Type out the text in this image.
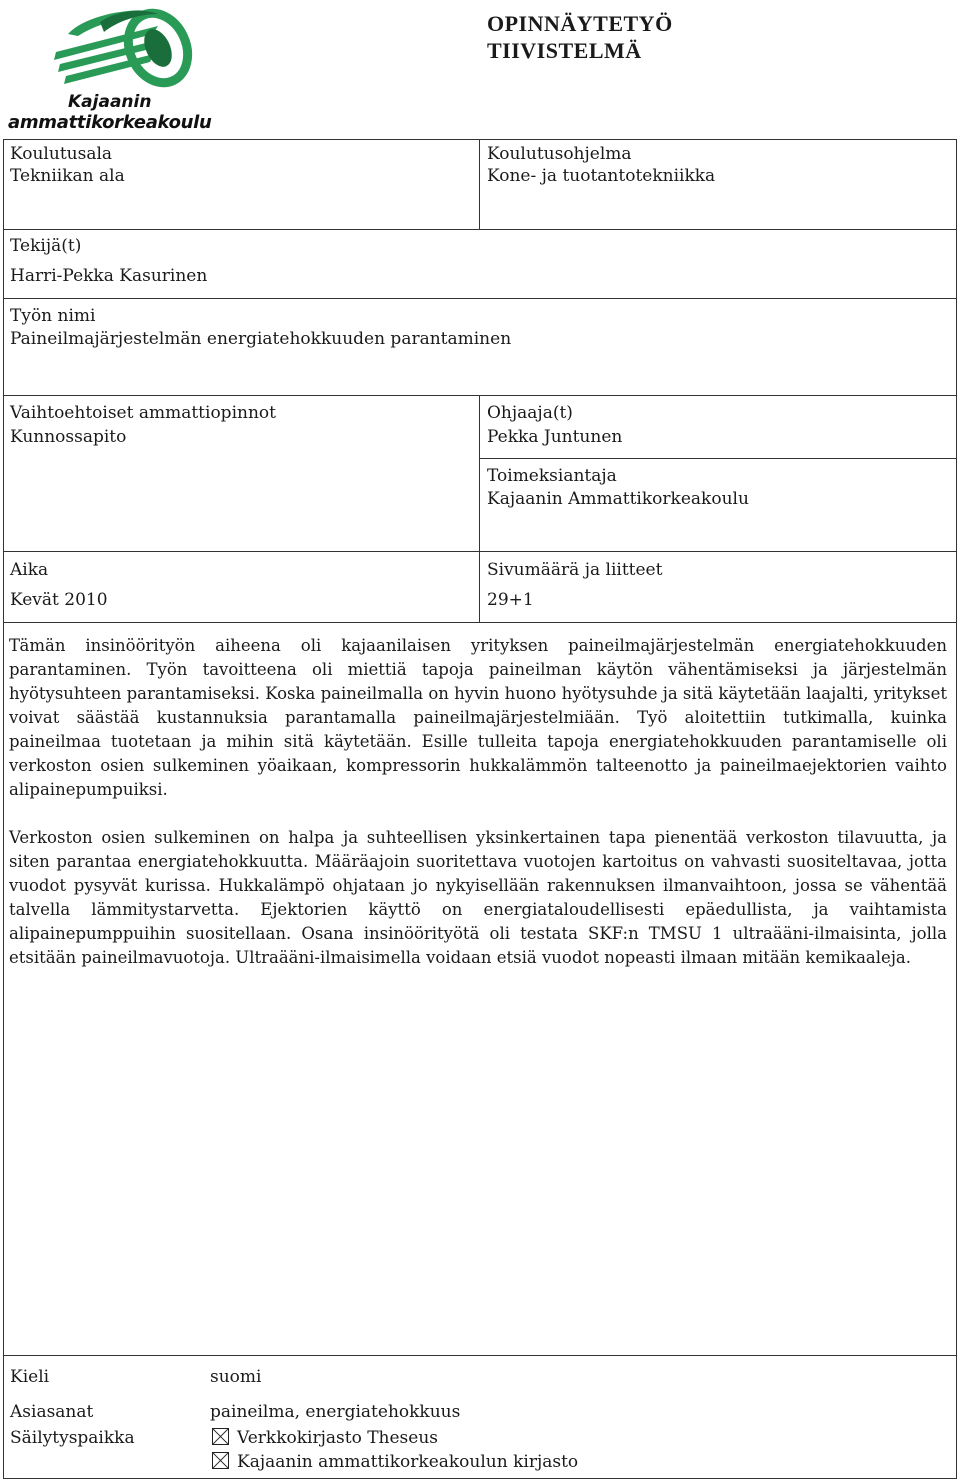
Kajaanin
ammattikorkeakoulu
OPINNÄYTETYÖ
TIIVISTELMÄ
Koulutusala
Tekniikan ala
Koulutusohjelma
Kone- ja tuotantotekniikka
Tekijä(t)
Harri-Pekka Kasurinen
Työn nimi
Paineilmajärjestelmän energiatehokkuuden parantaminen
Vaihtoehtoiset ammattiopinnot
Kunnossapito
Ohjaaja(t)
Pekka Juntunen
Toimeksiantaja
Kajaanin Ammattikorkeakoulu
Aika
Kevät 2010
Sivumäärä ja liitteet
29+1

Tämän insinöörityön aiheena oli kajaanilaisen yrityksen paineilmajärjestelmän energiatehokkuuden parantaminen. Työn tavoitteena oli miettiä tapoja paineilman käytön vähentämiseksi ja järjestelmän hyötysuhteen parantamiseksi. Koska paineilmalla on hyvin huono hyötysuhde ja sitä käytetään laajalti, yritykset voivat säästää kustannuksia parantamalla paineilmajärjestelmiään. Työ aloitettiin tutkimalla, kuinka paineilmaa tuotetaan ja mihin sitä käytetään. Esille tulleita tapoja energiatehokkuuden parantamiselle oli verkoston osien sulkeminen yöaikaan, kompressorin hukkalämmön talteenotto ja paineilmaejektorien vaihto alipainepumpuiksi.

Verkoston osien sulkeminen on halpa ja suhteellisen yksinkertainen tapa pienentää verkoston tilavuutta, ja siten parantaa energiatehokkuutta. Määräajoin suoritettava vuotojen kartoitus on vahvasti suositeltavaa, jotta vuodot pysyvät kurissa. Hukkalämpö ohjataan jo nykyisellään rakennuksen ilmanvaihtoon, jossa se vähentää talvella lämmitystarvetta. Ejektorien käyttö on energiataloudellisesti epäedullista, ja vaihtamista alipainepumppuihin suositellaan. Osana insinöörityötä oli testata SKF:n TMSU 1 ultraääni-ilmaisinta, jolla etsitään paineilmavuotoja. Ultraääni-ilmaisimella voidaan etsiä vuodot nopeasti ilmaan mitään kemikaaleja.

Kieli	suomi
Asiasanat	paineilma, energiatehokkuus
Säilytyspaikka	Verkkokirjasto Theseus
Kajaanin ammattikorkeakoulun kirjasto
